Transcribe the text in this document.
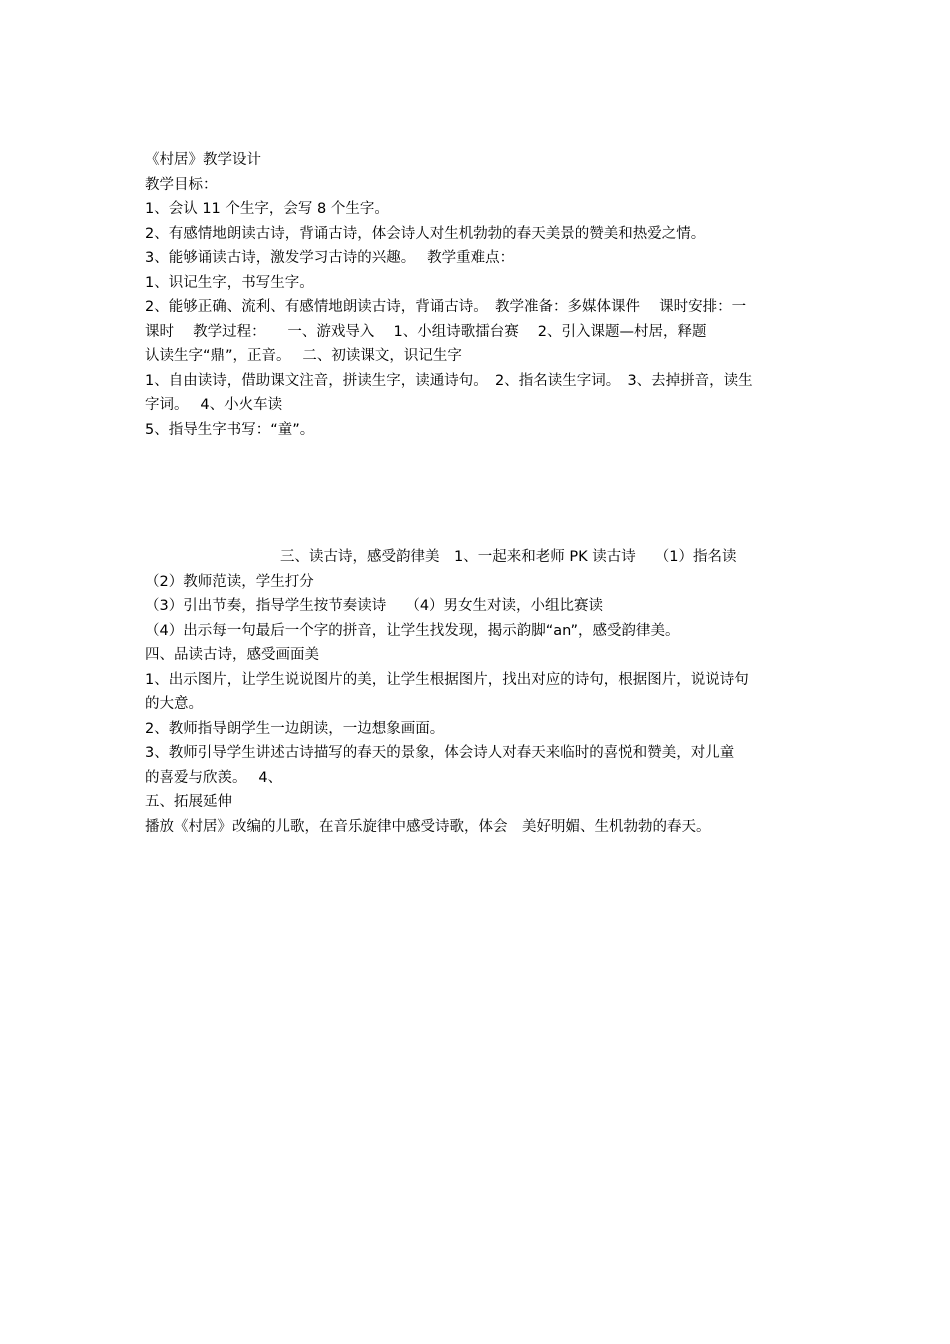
《村居》教学设计
教学目标：
1、会认 11 个生字，会写 8 个生字。
2、有感情地朗读古诗，背诵古诗，体会诗人对生机勃勃的春天美景的赞美和热爱之情。
3、能够诵读古诗，激发学习古诗的兴趣。　 教学重难点：
1、识记生字，书写生字。
2、能够正确、流利、有感情地朗读古诗，背诵古诗。　教学准备：多媒体课件　 课时安排：一
课时　 教学过程：　　一、游戏导入　 1、小组诗歌擂台赛　 2、引入课题—村居，释题
认读生字“鼎”，正音。　 二、初读课文，识记生字
1、自由读诗，借助课文注音，拼读生字，读通诗句。　2、指名读生字词。　3、去掉拼音，读生
字词。　 4、小火车读
5、指导生字书写：“童”。
三、读古诗，感受韵律美　1、一起来和老师 PK 读古诗　 （1）指名读
（2）教师范读，学生打分
（3）引出节奏，指导学生按节奏读诗　 （4）男女生对读，小组比赛读
（4）出示每一句最后一个字的拼音，让学生找发现，揭示韵脚“an”，感受韵律美。
四、品读古诗，感受画面美
1、出示图片，让学生说说图片的美，让学生根据图片，找出对应的诗句，根据图片，说说诗句
的大意。
2、教师指导朗学生一边朗读，一边想象画面。
3、教师引导学生讲述古诗描写的春天的景象，体会诗人对春天来临时的喜悦和赞美，对儿童
的喜爱与欣羡。　 4、
五、拓展延伸
播放《村居》改编的儿歌，在音乐旋律中感受诗歌，体会　美好明媚、生机勃勃的春天。
